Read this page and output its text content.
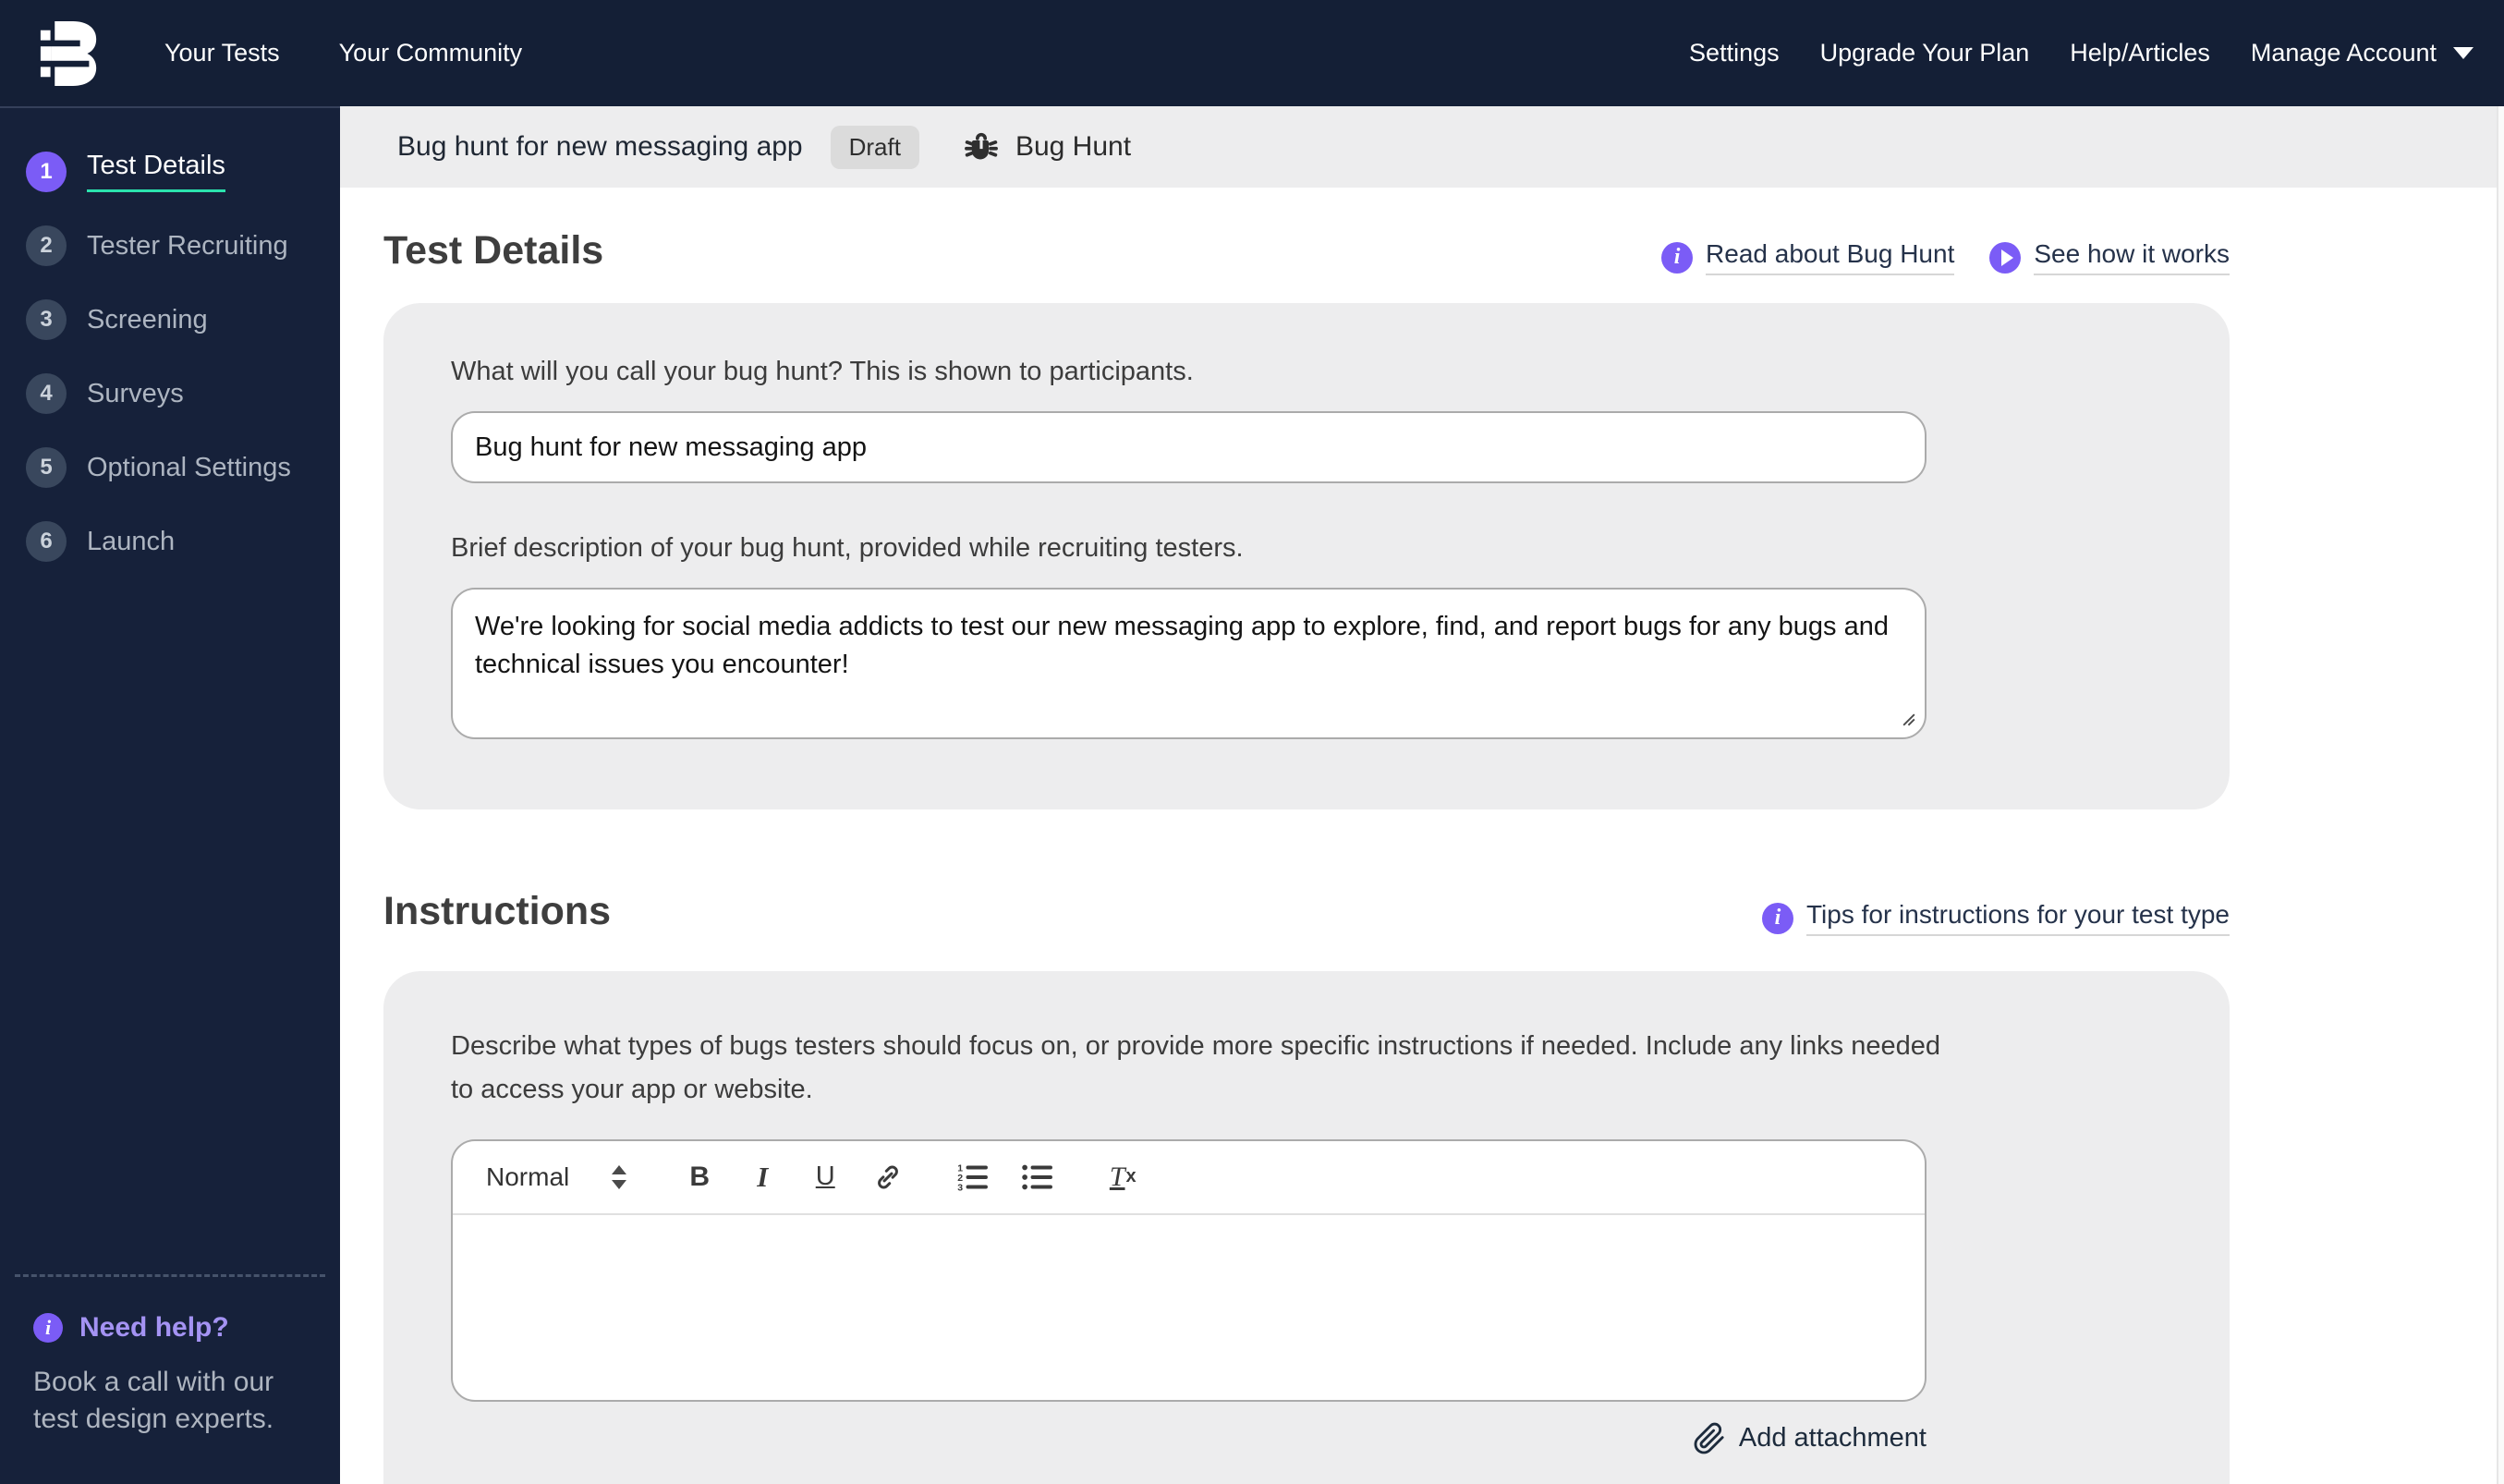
Your Tests Your Community	Settings Upgrade Your Plan Help/Articles Manage Account
1	Test Details
2	Tester Recruiting
3	Screening
4	Surveys
5	Optional Settings
6	Launch
i	Need help?
Book a call with our test design experts.
Bug hunt for new messaging app	Draft	Bug Hunt
Test Details	i Read about Bug Hunt	See how it works
What will you call your bug hunt? This is shown to participants.
Bug hunt for new messaging app
Brief description of your bug hunt, provided while recruiting testers.
We're looking for social media addicts to test our new messaging app to explore, find, and report bugs for any bugs and technical issues you encounter!
Instructions	i Tips for instructions for your test type
Describe what types of bugs testers should focus on, or provide more specific instructions if needed. Include any links needed to access your app or website.
Normal	B I U	1
2
3	T x
Add attachment
